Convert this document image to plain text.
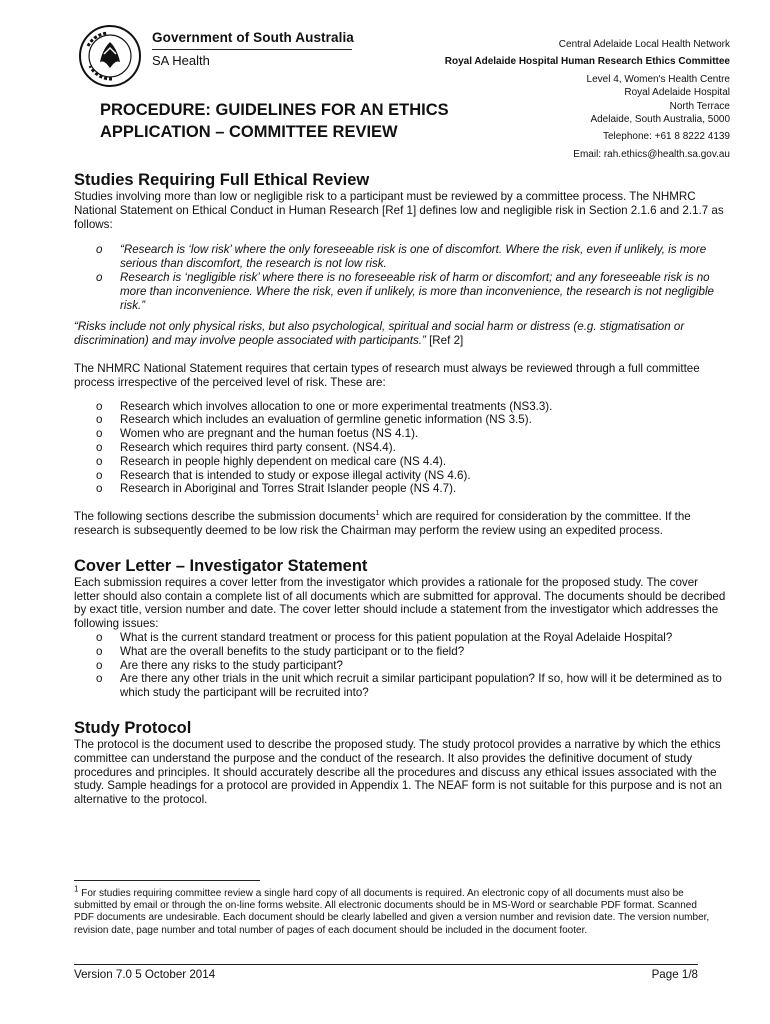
Government of South Australia
SA Health
Central Adelaide Local Health Network
Royal Adelaide Hospital Human Research Ethics Committee
Level 4, Women's Health Centre
Royal Adelaide Hospital
North Terrace
Adelaide, South Australia, 5000
Telephone: +61 8 8222 4139
Email: rah.ethics@health.sa.gov.au
PROCEDURE: GUIDELINES FOR AN ETHICS
APPLICATION – COMMITTEE REVIEW
Studies Requiring Full Ethical Review

Studies involving more than low or negligible risk to a participant must be reviewed by a committee process. The NHMRC National Statement on Ethical Conduct in Human Research [Ref 1] defines low and negligible risk in Section 2.1.6 and 2.1.7 as follows:

o “Research is ‘low risk’ where the only foreseeable risk is one of discomfort. Where the risk, even if unlikely, is more serious than discomfort, the research is not low risk.
o Research is ‘negligible risk’ where there is no foreseeable risk of harm or discomfort; and any foreseeable risk is no more than inconvenience. Where the risk, even if unlikely, is more than inconvenience, the research is not negligible risk.”

“Risks include not only physical risks, but also psychological, spiritual and social harm or distress (e.g. stigmatisation or discrimination) and may involve people associated with participants.” [Ref 2]

The NHMRC National Statement requires that certain types of research must always be reviewed through a full committee process irrespective of the perceived level of risk. These are:

o Research which involves allocation to one or more experimental treatments (NS3.3).
o Research which includes an evaluation of germline genetic information (NS 3.5).
o Women who are pregnant and the human foetus (NS 4.1).
o Research which requires third party consent. (NS4.4).
o Research in people highly dependent on medical care (NS 4.4).
o Research that is intended to study or expose illegal activity (NS 4.6).
o Research in Aboriginal and Torres Strait Islander people (NS 4.7).

The following sections describe the submission documents$^1$ which are required for consideration by the committee. If the research is subsequently deemed to be low risk the Chairman may perform the review using an expedited process.

Cover Letter – Investigator Statement

Each submission requires a cover letter from the investigator which provides a rationale for the proposed study. The cover letter should also contain a complete list of all documents which are submitted for approval. The documents should be decribed by exact title, version number and date. The cover letter should include a statement from the investigator which addresses the following issues:

o What is the current standard treatment or process for this patient population at the Royal Adelaide Hospital?
o What are the overall benefits to the study participant or to the field?
o Are there any risks to the study participant?
o Are there any other trials in the unit which recruit a similar participant population? If so, how will it be determined as to which study the participant will be recruited into?
Study Protocol

The protocol is the document used to describe the proposed study. The study protocol provides a narrative by which the ethics committee can understand the purpose and the conduct of the research. It also provides the definitive document of study procedures and principles. It should accurately describe all the procedures and discuss any ethical issues associated with the study. Sample headings for a protocol are provided in Appendix 1. The NEAF form is not suitable for this purpose and is not an alternative to the protocol.

$^1$ For studies requiring committee review a single hard copy of all documents is required. An electronic copy of all documents must also be submitted by email or through the on-line forms website. All electronic documents should be in MS-Word or searchable PDF format. Scanned PDF documents are undesirable. Each document should be clearly labelled and given a version number and revision date. The version number, revision date, page number and total number of pages of each document should be included in the document footer.
Version 7.0 5 October 2014	Page 1/8
